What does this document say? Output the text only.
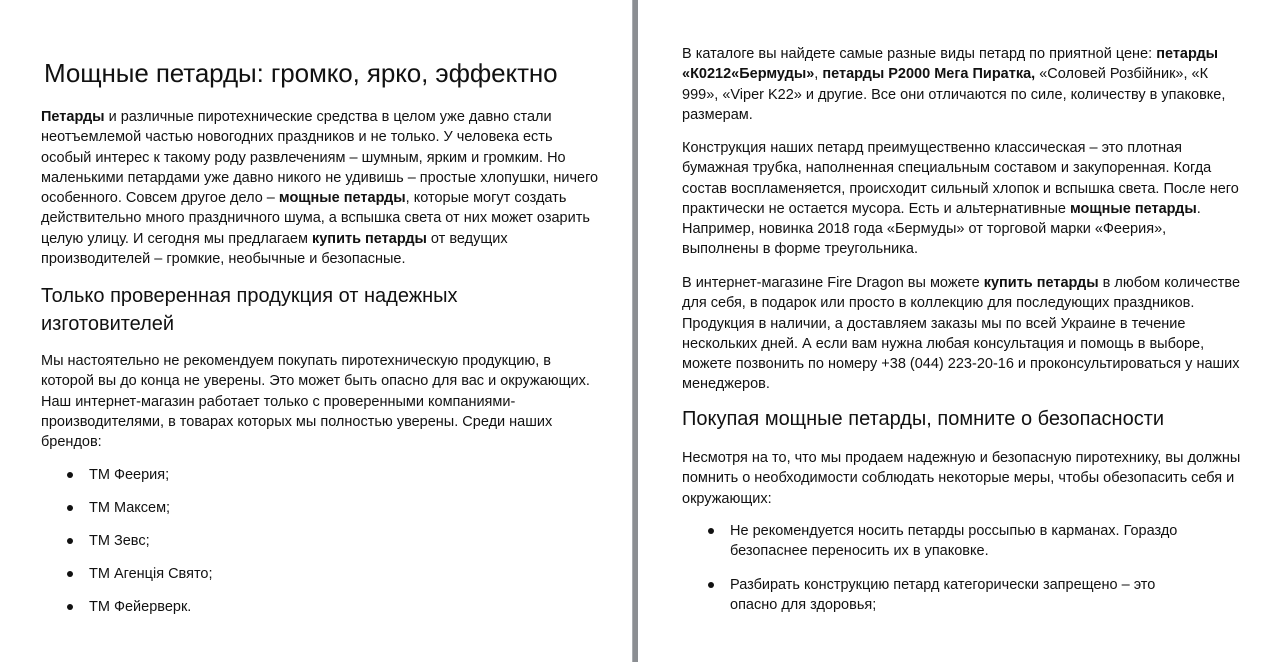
Мощные петарды: громко, ярко, эффектно

Петарды и различные пиротехнические средства в целом уже давно стали неотъемлемой частью новогодних праздников и не только. У человека есть особый интерес к такому роду развлечениям – шумным, ярким и громким. Но маленькими петардами уже давно никого не удивишь – простые хлопушки, ничего особенного. Совсем другое дело – мощные петарды, которые могут создать действительно много праздничного шума, а вспышка света от них может озарить целую улицу. И сегодня мы предлагаем купить петарды от ведущих производителей – громкие, необычные и безопасные.

Только проверенная продукция от надежных изготовителей

Мы настоятельно не рекомендуем покупать пиротехническую продукцию, в которой вы до конца не уверены. Это может быть опасно для вас и окружающих. Наш интернет-магазин работает только с проверенными компаниями-производителями, в товарах которых мы полностью уверены. Среди наших брендов:

ТМ Феерия;
ТМ Максем;
ТМ Зевс;
ТМ Агенція Свято;
ТМ Фейерверк.

В каталоге вы найдете самые разные виды петард по приятной цене: петарды «К0212«Бермуды», петарды Р2000 Мега Пиратка, «Соловей Розбійник», «К 999», «Viper K22» и другие. Все они отличаются по силе, количеству в упаковке, размерам.

Конструкция наших петард преимущественно классическая – это плотная бумажная трубка, наполненная специальным составом и закупоренная. Когда состав воспламеняется, происходит сильный хлопок и вспышка света. После него практически не остается мусора. Есть и альтернативные мощные петарды. Например, новинка 2018 года «Бермуды» от торговой марки «Феерия», выполнены в форме треугольника.

В интернет-магазине Fire Dragon вы можете купить петарды в любом количестве для себя, в подарок или просто в коллекцию для последующих праздников. Продукция в наличии, а доставляем заказы мы по всей Украине в течение нескольких дней. А если вам нужна любая консультация и помощь в выборе, можете позвонить по номеру +38 (044) 223-20-16 и проконсультироваться у наших менеджеров.

Покупая мощные петарды, помните о безопасности

Несмотря на то, что мы продаем надежную и безопасную пиротехнику, вы должны помнить о необходимости соблюдать некоторые меры, чтобы обезопасить себя и окружающих:

Не рекомендуется носить петарды россыпью в карманах. Гораздо безопаснее переносить их в упаковке.
Разбирать конструкцию петард категорически запрещено – это опасно для здоровья;
